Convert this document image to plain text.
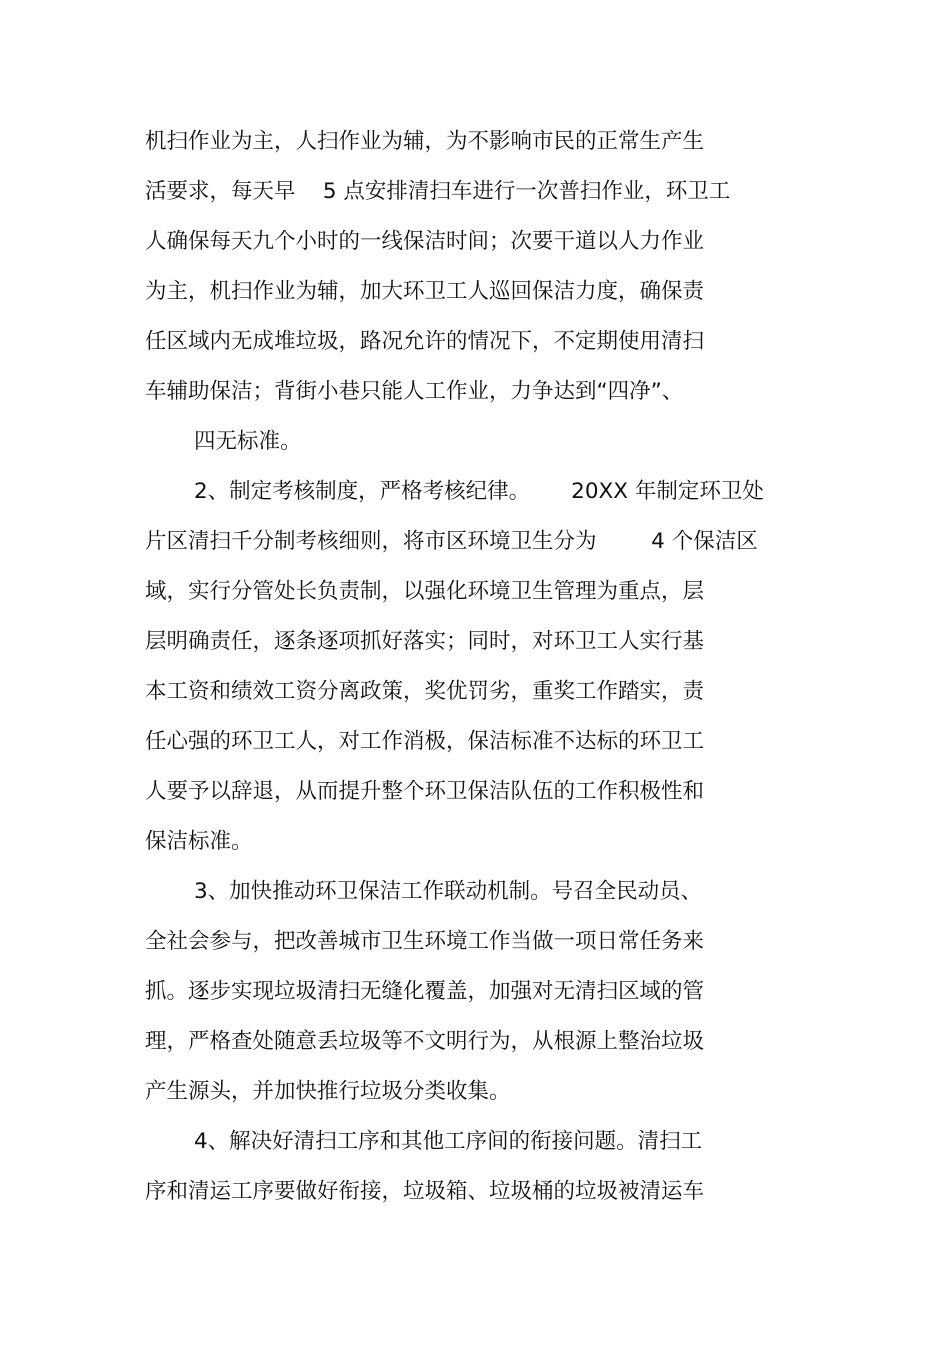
机扫作业为主，人扫作业为辅，为不影响市民的正常生产生
活要求，每天早    5 点安排清扫车进行一次普扫作业，环卫工
人确保每天九个小时的一线保洁时间；次要干道以人力作业
为主，机扫作业为辅，加大环卫工人巡回保洁力度，确保责
任区域内无成堆垃圾，路况允许的情况下，不定期使用清扫
车辅助保洁；背街小巷只能人工作业，力争达到“四净”、
四无标准。
2、制定考核制度，严格考核纪律。      20XX 年制定环卫处
片区清扫千分制考核细则，将市区环境卫生分为        4 个保洁区
域，实行分管处长负责制，以强化环境卫生管理为重点，层
层明确责任，逐条逐项抓好落实；同时，对环卫工人实行基
本工资和绩效工资分离政策，奖优罚劣，重奖工作踏实，责
任心强的环卫工人，对工作消极，保洁标准不达标的环卫工
人要予以辞退，从而提升整个环卫保洁队伍的工作积极性和
保洁标准。
3、加快推动环卫保洁工作联动机制。号召全民动员、
全社会参与，把改善城市卫生环境工作当做一项日常任务来
抓。逐步实现垃圾清扫无缝化覆盖，加强对无清扫区域的管
理，严格查处随意丢垃圾等不文明行为，从根源上整治垃圾
产生源头，并加快推行垃圾分类收集。
4、解决好清扫工序和其他工序间的衔接问题。清扫工
序和清运工序要做好衔接，垃圾箱、垃圾桶的垃圾被清运车
